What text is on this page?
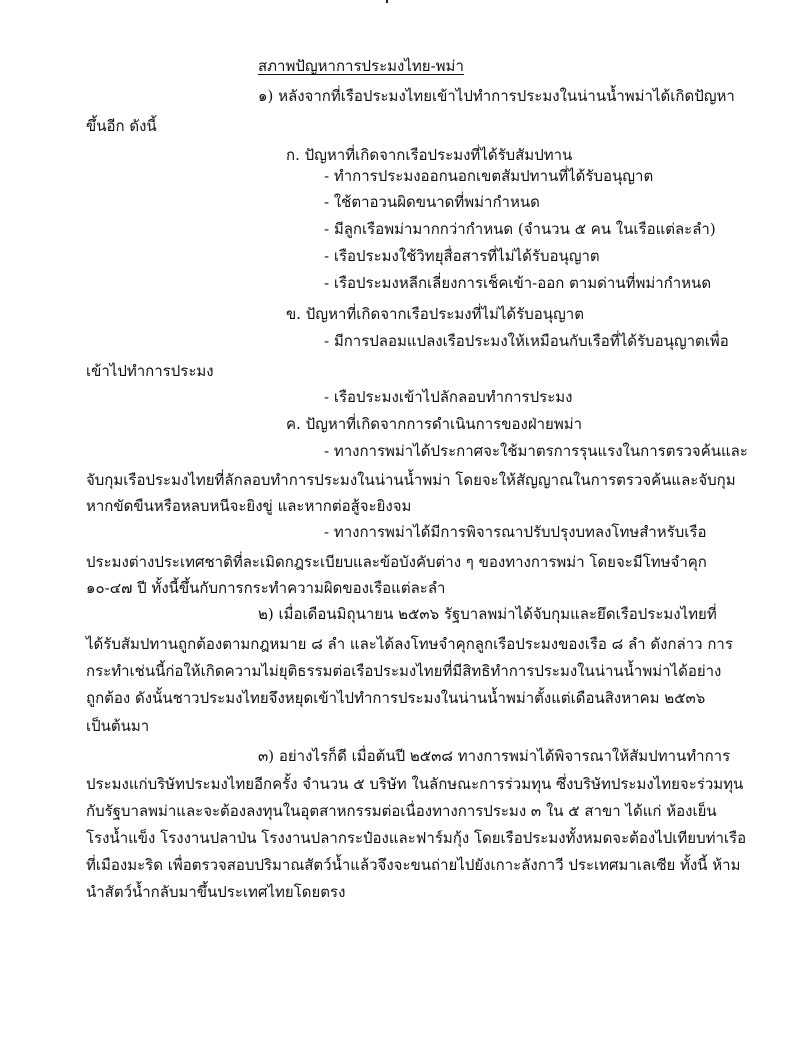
สภาพปัญหาการประมงไทย-พม่า
๑) หลังจากที่เรือประมงไทยเข้าไปทำการประมงในน่านน้ำพม่าได้เกิดปัญหา
ขึ้นอีก ดังนี้
ก. ปัญหาที่เกิดจากเรือประมงที่ได้รับสัมปทาน
- ทำการประมงออกนอกเขตสัมปทานที่ได้รับอนุญาต
- ใช้ตาอวนผิดขนาดที่พม่ากำหนด
- มีลูกเรือพม่ามากกว่ากำหนด (จำนวน ๕ คน ในเรือแต่ละลำ)
- เรือประมงใช้วิทยุสื่อสารที่ไม่ได้รับอนุญาต
- เรือประมงหลีกเลี่ยงการเช็คเข้า-ออก ตามด่านที่พม่ากำหนด
ข. ปัญหาที่เกิดจากเรือประมงที่ไม่ได้รับอนุญาต
- มีการปลอมแปลงเรือประมงให้เหมือนกับเรือที่ได้รับอนุญาตเพื่อ
เข้าไปทำการประมง
- เรือประมงเข้าไปลักลอบทำการประมง
ค. ปัญหาที่เกิดจากการดำเนินการของฝ่ายพม่า
- ทางการพม่าได้ประกาศจะใช้มาตรการรุนแรงในการตรวจค้นและ
จับกุมเรือประมงไทยที่ลักลอบทำการประมงในน่านน้ำพม่า โดยจะให้สัญญาณในการตรวจค้นและจับกุม
หากขัดขืนหรือหลบหนีจะยิงขู่ และหากต่อสู้จะยิงจม
- ทางการพม่าได้มีการพิจารณาปรับปรุงบทลงโทษสำหรับเรือ
ประมงต่างประเทศชาติที่ละเมิดกฎระเบียบและข้อบังคับต่าง ๆ ของทางการพม่า โดยจะมีโทษจำคุก
๑๐-๔๗ ปี ทั้งนี้ขึ้นกับการกระทำความผิดของเรือแต่ละลำ
๒) เมื่อเดือนมิถุนายน ๒๕๓๖ รัฐบาลพม่าได้จับกุมและยึดเรือประมงไทยที่
ได้รับสัมปทานถูกต้องตามกฎหมาย ๘ ลำ และได้ลงโทษจำคุกลูกเรือประมงของเรือ ๘ ลำ ดังกล่าว การ
กระทำเช่นนี้ก่อให้เกิดความไม่ยุติธรรมต่อเรือประมงไทยที่มีสิทธิทำการประมงในน่านน้ำพม่าได้อย่าง
ถูกต้อง ดังนั้นชาวประมงไทยจึงหยุดเข้าไปทำการประมงในน่านน้ำพม่าตั้งแต่เดือนสิงหาคม ๒๕๓๖
เป็นต้นมา
๓) อย่างไรก็ดี เมื่อต้นปี ๒๕๓๘ ทางการพม่าได้พิจารณาให้สัมปทานทำการ
ประมงแก่บริษัทประมงไทยอีกครั้ง จำนวน ๕ บริษัท ในลักษณะการร่วมทุน ซึ่งบริษัทประมงไทยจะร่วมทุน
กับรัฐบาลพม่าและจะต้องลงทุนในอุตสาหกรรมต่อเนื่องทางการประมง ๓ ใน ๕ สาขา ได้แก่ ห้องเย็น
โรงน้ำแข็ง โรงงานปลาป่น โรงงานปลากระป๋องและฟาร์มกุ้ง โดยเรือประมงทั้งหมดจะต้องไปเทียบท่าเรือ
ที่เมืองมะริด เพื่อตรวจสอบปริมาณสัตว์น้ำแล้วจึงจะขนถ่ายไปยังเกาะลังกาวี ประเทศมาเลเซีย ทั้งนี้ ห้าม
นำสัตว์น้ำกลับมาขึ้นประเทศไทยโดยตรง
